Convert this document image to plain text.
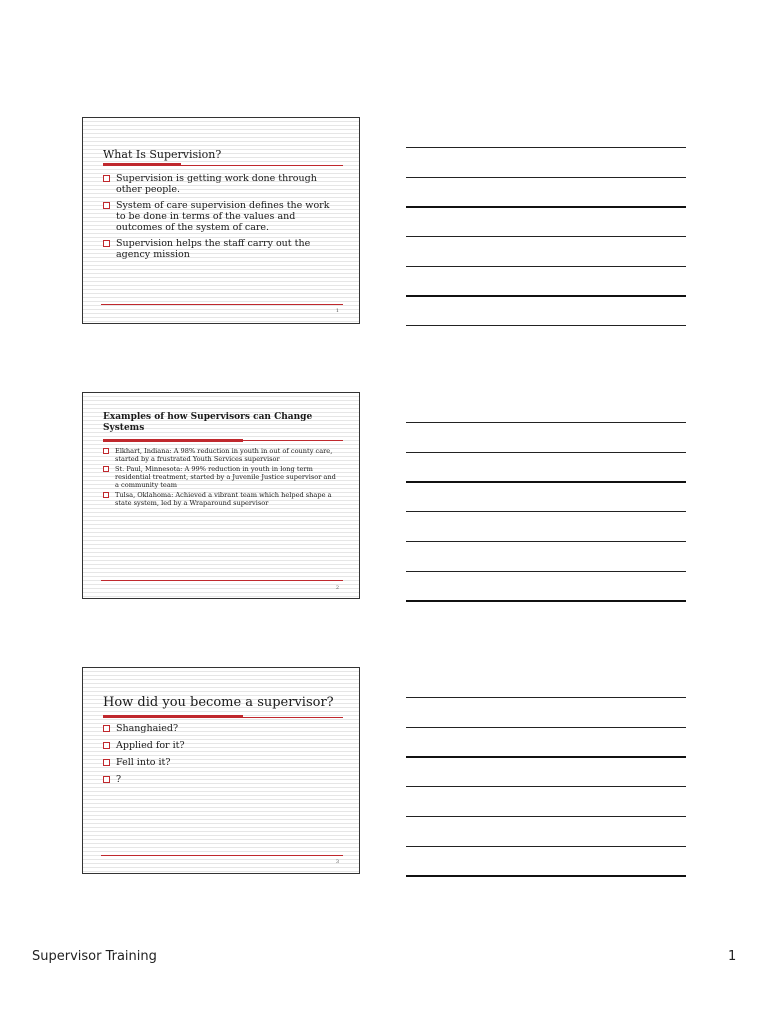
What Is Supervision?
Supervision is getting work done through other people.
System of care supervision defines the work to be done in terms of the values and outcomes of the system of care.
Supervision helps the staff carry out the agency mission
1
Examples of how Supervisors can Change Systems
Elkhart, Indiana: A 98% reduction in youth in out of county care, started by a frustrated Youth Services supervisor
St. Paul, Minnesota: A 99% reduction in youth in long term residential treatment, started by a Juvenile Justice supervisor and a community team
Tulsa, Oklahoma: Achieved a vibrant team which helped shape a state system, led by a Wraparound supervisor
2
How did you become a supervisor?
Shanghaied?
Applied for it?
Fell into it?
?
3
Supervisor Training	1
